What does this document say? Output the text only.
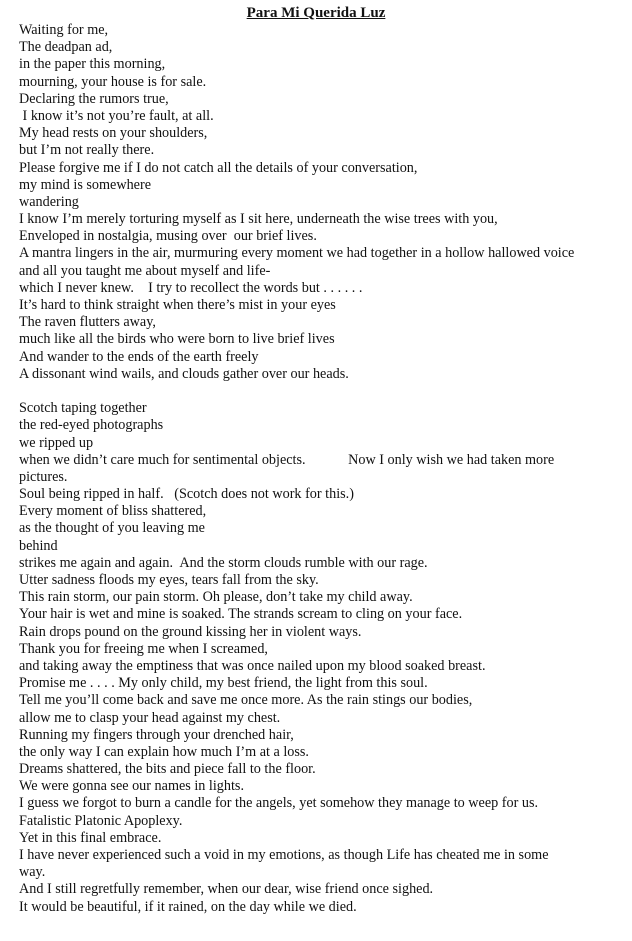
Para Mi Querida Luz

Waiting for me,

The deadpan ad,

in the paper this morning,

mourning, your house is for sale.

Declaring the rumors true,

I know it’s not you’re fault, at all.

My head rests on your shoulders,

but I’m not really there.

Please forgive me if I do not catch all the details of your conversation,

my mind is somewhere

wandering

I know I’m merely torturing myself as I sit here, underneath the wise trees with you,

Enveloped in nostalgia, musing over  our brief lives.

A mantra lingers in the air, murmuring every moment we had together in a hollow hallowed voice

and all you taught me about myself and life-

which I never knew.    I try to recollect the words but . . . . . .

It’s hard to think straight when there’s mist in your eyes

The raven flutters away,

much like all the birds who were born to live brief lives

And wander to the ends of the earth freely

A dissonant wind wails, and clouds gather over our heads.

Scotch taping together

the red-eyed photographs

we ripped up

when we didn’t care much for sentimental objects.            Now I only wish we had taken more

pictures.

Soul being ripped in half.   (Scotch does not work for this.)

Every moment of bliss shattered,

as the thought of you leaving me

behind

strikes me again and again.  And the storm clouds rumble with our rage.

Utter sadness floods my eyes, tears fall from the sky.

This rain storm, our pain storm. Oh please, don’t take my child away.

Your hair is wet and mine is soaked. The strands scream to cling on your face.

Rain drops pound on the ground kissing her in violent ways.

Thank you for freeing me when I screamed,

and taking away the emptiness that was once nailed upon my blood soaked breast.

Promise me . . . . My only child, my best friend, the light from this soul.

Tell me you’ll come back and save me once more. As the rain stings our bodies,

allow me to clasp your head against my chest.

Running my fingers through your drenched hair,

the only way I can explain how much I’m at a loss.

Dreams shattered, the bits and piece fall to the floor.

We were gonna see our names in lights.

I guess we forgot to burn a candle for the angels, yet somehow they manage to weep for us.

Fatalistic Platonic Apoplexy.

Yet in this final embrace.

I have never experienced such a void in my emotions, as though Life has cheated me in some

way.

And I still regretfully remember, when our dear, wise friend once sighed.

It would be beautiful, if it rained, on the day while we died.
